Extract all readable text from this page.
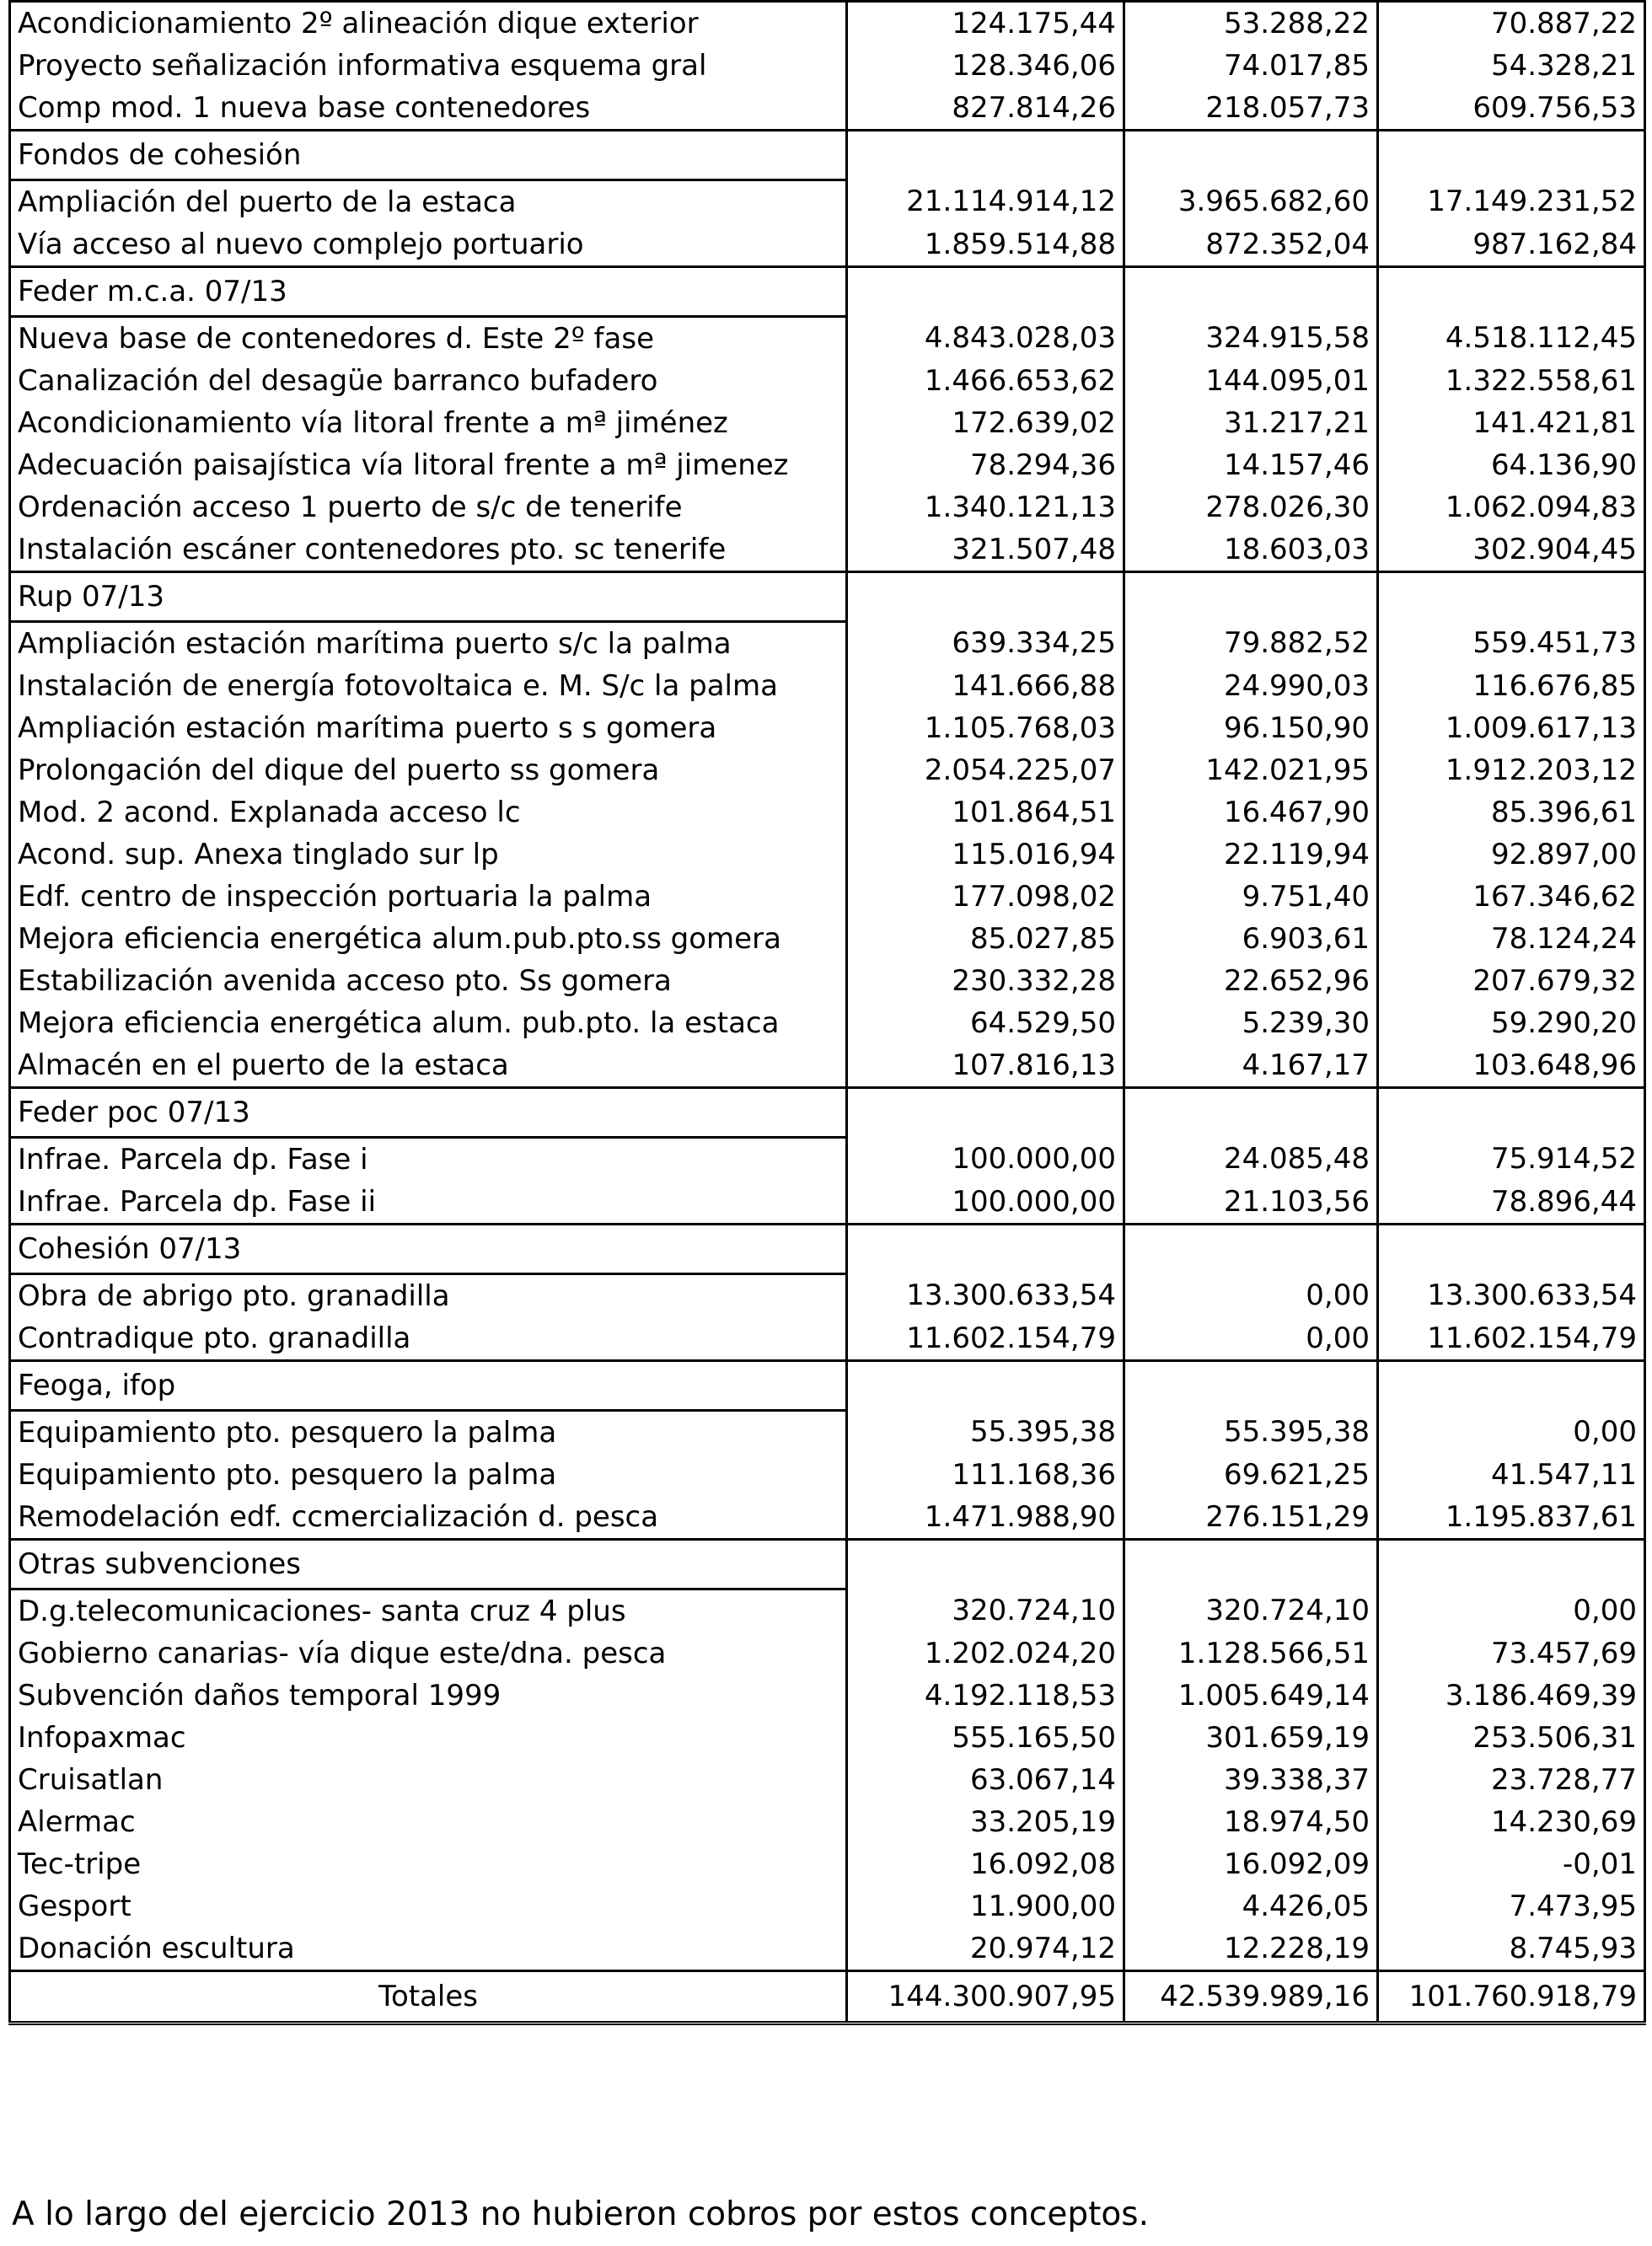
Acondicionamiento 2º alineación dique exterior	124.175,44	53.288,22	70.887,22
Proyecto señalización informativa esquema gral	128.346,06	74.017,85	54.328,21
Comp mod. 1 nueva base contenedores	827.814,26	218.057,73	609.756,53
Fondos de cohesión			
Ampliación del puerto de la estaca	21.114.914,12	3.965.682,60	17.149.231,52
Vía acceso al nuevo complejo portuario	1.859.514,88	872.352,04	987.162,84
Feder m.c.a. 07/13			
Nueva base de contenedores d. Este 2º fase	4.843.028,03	324.915,58	4.518.112,45
Canalización del desagüe barranco bufadero	1.466.653,62	144.095,01	1.322.558,61
Acondicionamiento vía litoral frente a mª jiménez	172.639,02	31.217,21	141.421,81
Adecuación paisajística vía litoral frente a mª jimenez	78.294,36	14.157,46	64.136,90
Ordenación acceso 1 puerto de s/c de tenerife	1.340.121,13	278.026,30	1.062.094,83
Instalación escáner contenedores pto. sc tenerife	321.507,48	18.603,03	302.904,45
Rup 07/13			
Ampliación estación marítima puerto s/c la palma	639.334,25	79.882,52	559.451,73
Instalación de energía fotovoltaica e. M. S/c la palma	141.666,88	24.990,03	116.676,85
Ampliación estación marítima puerto s s gomera	1.105.768,03	96.150,90	1.009.617,13
Prolongación del dique del puerto ss gomera	2.054.225,07	142.021,95	1.912.203,12
Mod. 2 acond. Explanada acceso lc	101.864,51	16.467,90	85.396,61
Acond. sup. Anexa tinglado sur lp	115.016,94	22.119,94	92.897,00
Edf. centro de inspección portuaria la palma	177.098,02	9.751,40	167.346,62
Mejora eficiencia energética alum.pub.pto.ss gomera	85.027,85	6.903,61	78.124,24
Estabilización avenida acceso pto. Ss gomera	230.332,28	22.652,96	207.679,32
Mejora eficiencia energética alum. pub.pto. la estaca	64.529,50	5.239,30	59.290,20
Almacén en el puerto de la estaca	107.816,13	4.167,17	103.648,96
Feder poc 07/13			
Infrae. Parcela dp. Fase i	100.000,00	24.085,48	75.914,52
Infrae. Parcela dp. Fase ii	100.000,00	21.103,56	78.896,44
Cohesión 07/13			
Obra de abrigo pto. granadilla	13.300.633,54	0,00	13.300.633,54
Contradique pto. granadilla	11.602.154,79	0,00	11.602.154,79
Feoga, ifop			
Equipamiento pto. pesquero la palma	55.395,38	55.395,38	0,00
Equipamiento pto. pesquero la palma	111.168,36	69.621,25	41.547,11
Remodelación edf. ccmercialización d. pesca	1.471.988,90	276.151,29	1.195.837,61
Otras subvenciones			
D.g.telecomunicaciones- santa cruz 4 plus	320.724,10	320.724,10	0,00
Gobierno canarias- vía dique este/dna. pesca	1.202.024,20	1.128.566,51	73.457,69
Subvención daños temporal 1999	4.192.118,53	1.005.649,14	3.186.469,39
Infopaxmac	555.165,50	301.659,19	253.506,31
Cruisatlan	63.067,14	39.338,37	23.728,77
Alermac	33.205,19	18.974,50	14.230,69
Tec-tripe	16.092,08	16.092,09	-0,01
Gesport	11.900,00	4.426,05	7.473,95
Donación escultura	20.974,12	12.228,19	8.745,93
Totales	144.300.907,95	42.539.989,16	101.760.918,79
A lo largo del ejercicio 2013 no hubieron cobros por estos conceptos.
